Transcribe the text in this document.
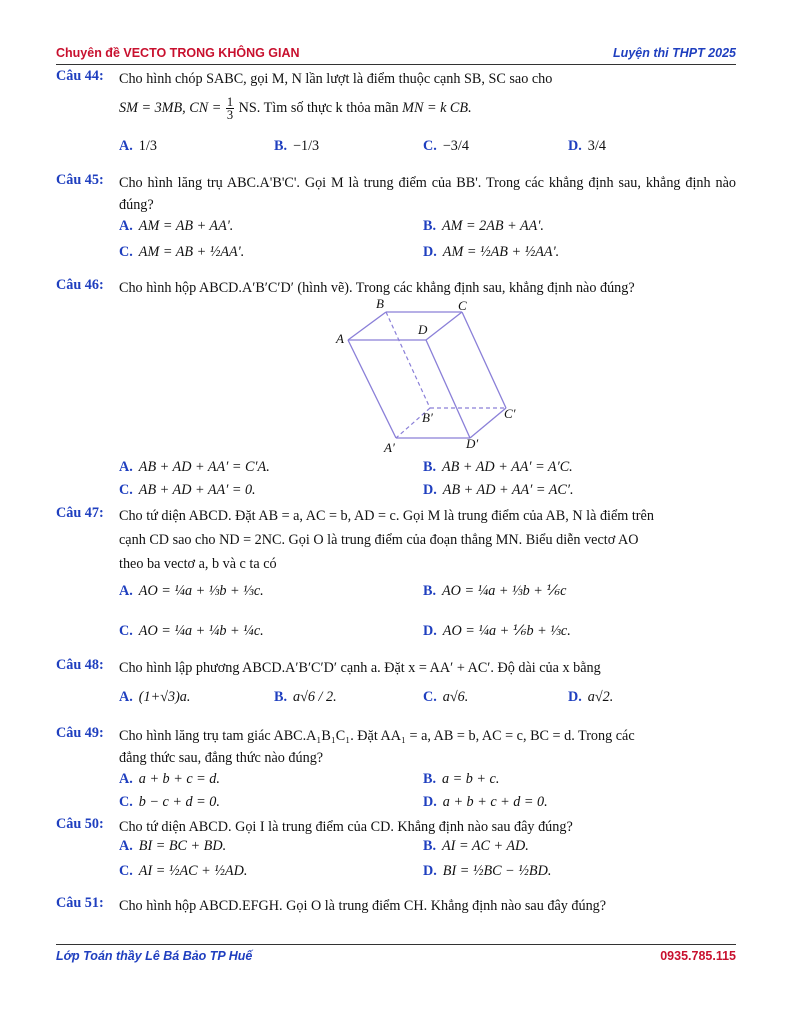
Chuyên đề VECTO TRONG KHÔNG GIAN	Luyện thi THPT 2025
Câu 44: Cho hình chóp SABC, gọi M, N lần lượt là điểm thuộc cạnh SB, SC sao cho
SM = 3MB, CN = $\frac{1}{3}$ NS. Tìm số thực k thỏa mãn MN = k CB.
A. 1/3	B. −1/3	C. −3/4	D. 3/4
Câu 45: Cho hình lăng trụ ABC.A'B'C'. Gọi M là trung điểm của BB'. Trong các khẳng định sau, khẳng định nào đúng?
A. AM = AB + AA'.	B. AM = 2AB + AA'.
C. AM = AB + ½AA'.	D. AM = ½AB + ½AA'.
Câu 46: Cho hình hộp ABCD.A′B′C′D′ (hình vẽ). Trong các khẳng định sau, khẳng định nào đúng?
B	C
A
D
B′	C′
A′	D′
A. AB + AD + AA′ = C′A.	B. AB + AD + AA′ = A′C.
C. AB + AD + AA′ = 0.	D. AB + AD + AA′ = AC′.
Câu 47: Cho tứ diện ABCD. Đặt AB = a, AC = b, AD = c. Gọi M là trung điểm của AB, N là điểm trên
cạnh CD sao cho ND = 2NC. Gọi O là trung điểm của đoạn thẳng MN. Biểu diễn vectơ AO
theo ba vectơ a, b và c ta có
A. AO = ¼a + ⅓b + ⅓c.	B. AO = ¼a + ⅓b + ⅙c
C. AO = ¼a + ¼b + ¼c.	D. AO = ¼a + ⅙b + ⅓c.
Câu 48: Cho hình lập phương ABCD.A′B′C′D′ cạnh a. Đặt x = AA′ + AC′. Độ dài của x bằng
A. (1+√3)a.	B. a√6 / 2.	C. a√6.	D. a√2.
Câu 49: Cho hình lăng trụ tam giác ABC.A₁B₁C₁. Đặt AA₁ = a, AB = b, AC = c, BC = d. Trong các
đẳng thức sau, đẳng thức nào đúng?
A. a + b + c = d.	B. a = b + c.
C. b − c + d = 0.	D. a + b + c + d = 0.
Câu 50: Cho tứ diện ABCD. Gọi I là trung điểm của CD. Khẳng định nào sau đây đúng?
A. BI = BC + BD.	B. AI = AC + AD.
C. AI = ½AC + ½AD.	D. BI = ½BC − ½BD.
Câu 51: Cho hình hộp ABCD.EFGH. Gọi O là trung điểm CH. Khẳng định nào sau đây đúng?
Lớp Toán thầy Lê Bá Bảo TP Huế	0935.785.115
